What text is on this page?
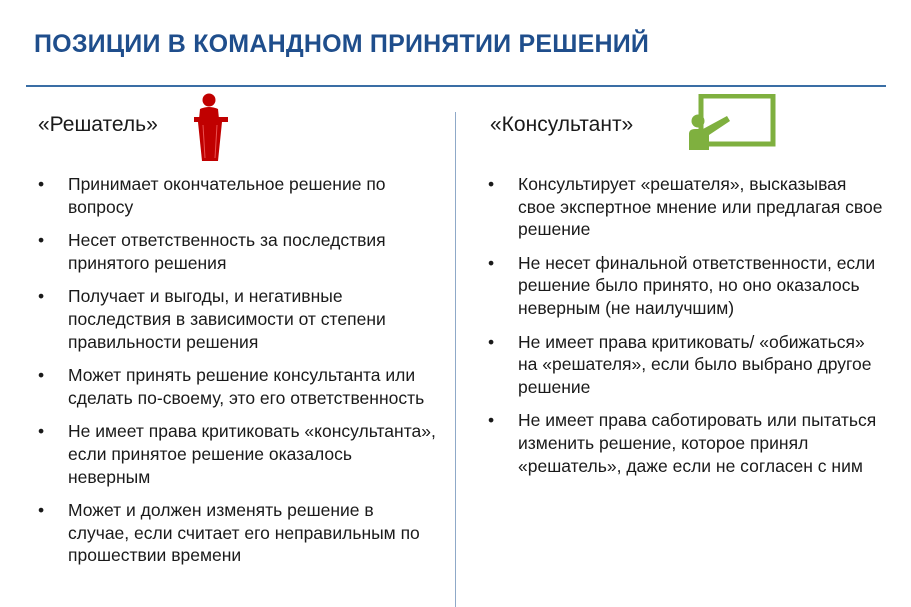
ПОЗИЦИИ В КОМАНДНОМ ПРИНЯТИИ РЕШЕНИЙ
«Решатель»
• Принимает окончательное решение по вопросу
• Несет ответственность за последствия принятого решения
• Получает и выгоды, и негативные последствия в зависимости от степени правильности решения
• Может принять решение консультанта или сделать по-своему, это его ответственность
• Не имеет права критиковать «консультанта», если принятое решение оказалось неверным
• Может и должен изменять решение в случае, если считает его неправильным по прошествии времени
«Консультант»
• Консультирует «решателя», высказывая свое экспертное мнение или предлагая свое решение
• Не несет финальной ответственности, если решение было принято, но оно оказалось неверным (не наилучшим)
• Не имеет права критиковать/ «обижаться» на «решателя», если было выбрано другое решение
• Не имеет права саботировать или пытаться изменить решение, которое принял «решатель», даже если не согласен с ним
